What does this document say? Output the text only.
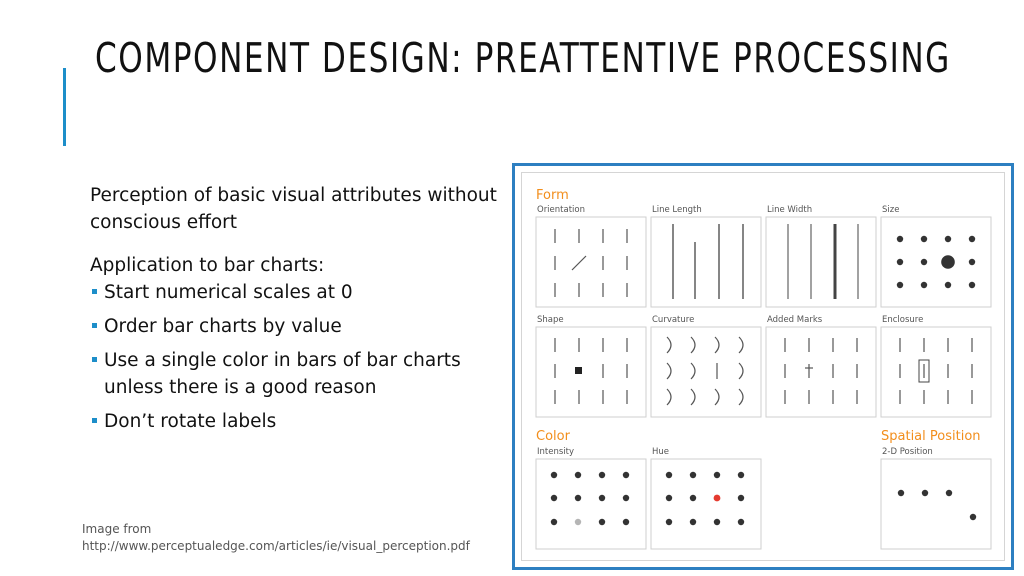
COMPONENT DESIGN: PREATTENTIVE PROCESSING

Perception of basic visual attributes without conscious effort

Application to bar charts:

Start numerical scales at 0
Order bar charts by value
Use a single color in bars of bar charts unless there is a good reason
Don’t rotate labels
Image from
http://www.perceptualedge.com/articles/ie/visual_perception.pdf
Form
Color	Spatial Position
Orientation	Line Length	Line Width	Size
Shape	Curvature	Added Marks	Enclosure
Intensity	Hue	2-D Position
